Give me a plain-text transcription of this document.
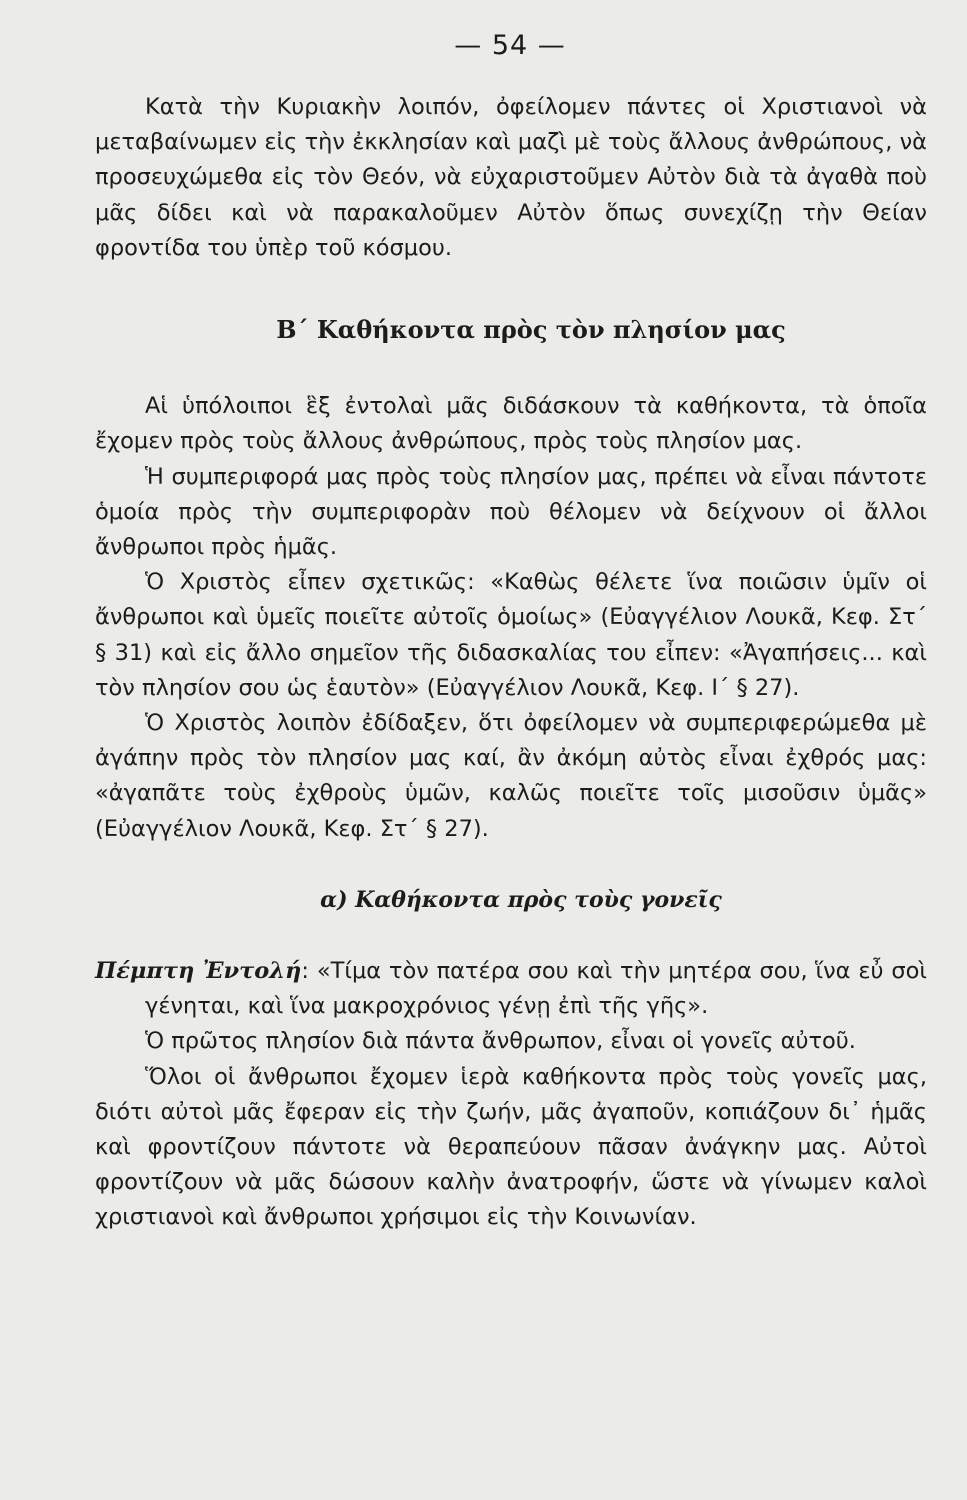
— 54 —

Κατὰ τὴν Κυριακὴν λοιπόν, ὀφείλομεν πάντες οἱ Χριστιανοὶ νὰ μεταβαίνωμεν εἰς τὴν ἐκκλησίαν καὶ μαζὶ μὲ τοὺς ἄλλους ἀνθρώπους, νὰ προσευχώμεθα εἰς τὸν Θεόν, νὰ εὐχαριστοῦμεν Αὐτὸν διὰ τὰ ἀγαθὰ ποὺ μᾶς δίδει καὶ νὰ παρακαλοῦμεν Αὐτὸν ὅπως συνεχίζῃ τὴν Θείαν φροντίδα του ὑπὲρ τοῦ κόσμου.

Β΄ Καθήκοντα πρὸς τὸν πλησίον μας

Αἱ ὑπόλοιποι ἓξ ἐντολαὶ μᾶς διδάσκουν τὰ καθήκοντα, τὰ ὁποῖα ἔχομεν πρὸς τοὺς ἄλλους ἀνθρώπους, πρὸς τοὺς πλησίον μας.

Ἡ συμπεριφορά μας πρὸς τοὺς πλησίον μας, πρέπει νὰ εἶναι πάντοτε ὁμοία πρὸς τὴν συμπεριφορὰν ποὺ θέλομεν νὰ δείχνουν οἱ ἄλλοι ἄνθρωποι πρὸς ἡμᾶς.

Ὁ Χριστὸς εἶπεν σχετικῶς: «Καθὼς θέλετε ἵνα ποιῶσιν ὑμῖν οἱ ἄνθρωποι καὶ ὑμεῖς ποιεῖτε αὐτοῖς ὁμοίως» (Εὐαγγέλιον Λουκᾶ, Κεφ. Στ΄ § 31) καὶ εἰς ἄλλο σημεῖον τῆς διδασκαλίας του εἶπεν: «Ἀγαπήσεις... καὶ τὸν πλησίον σου ὡς ἑαυτὸν» (Εὐαγγέλιον Λουκᾶ, Κεφ. Ι΄ § 27).

Ὁ Χριστὸς λοιπὸν ἐδίδαξεν, ὅτι ὀφείλομεν νὰ συμπεριφερώμεθα μὲ ἀγάπην πρὸς τὸν πλησίον μας καί, ἂν ἀκόμη αὐτὸς εἶναι ἐχθρός μας: «ἀγαπᾶτε τοὺς ἐχθροὺς ὑμῶν, καλῶς ποιεῖτε τοῖς μισοῦσιν ὑμᾶς» (Εὐαγγέλιον Λουκᾶ, Κεφ. Στ΄ § 27).

α) Καθήκοντα πρὸς τοὺς γονεῖς

Πέμπτη Ἐντολή: «Τίμα τὸν πατέρα σου καὶ τὴν μητέρα σου, ἵνα εὖ σοὶ γένηται, καὶ ἵνα μακροχρόνιος γένῃ ἐπὶ τῆς γῆς».

Ὁ πρῶτος πλησίον διὰ πάντα ἄνθρωπον, εἶναι οἱ γονεῖς αὐτοῦ.

Ὅλοι οἱ ἄνθρωποι ἔχομεν ἱερὰ καθήκοντα πρὸς τοὺς γονεῖς μας, διότι αὐτοὶ μᾶς ἔφεραν εἰς τὴν ζωήν, μᾶς ἀγαποῦν, κοπιάζουν δι᾽ ἡμᾶς καὶ φροντίζουν πάντοτε νὰ θεραπεύουν πᾶσαν ἀνάγκην μας. Αὐτοὶ φροντίζουν νὰ μᾶς δώσουν καλὴν ἀνατροφήν, ὥστε νὰ γίνωμεν καλοὶ χριστιανοὶ καὶ ἄνθρωποι χρήσιμοι εἰς τὴν Κοινωνίαν.
